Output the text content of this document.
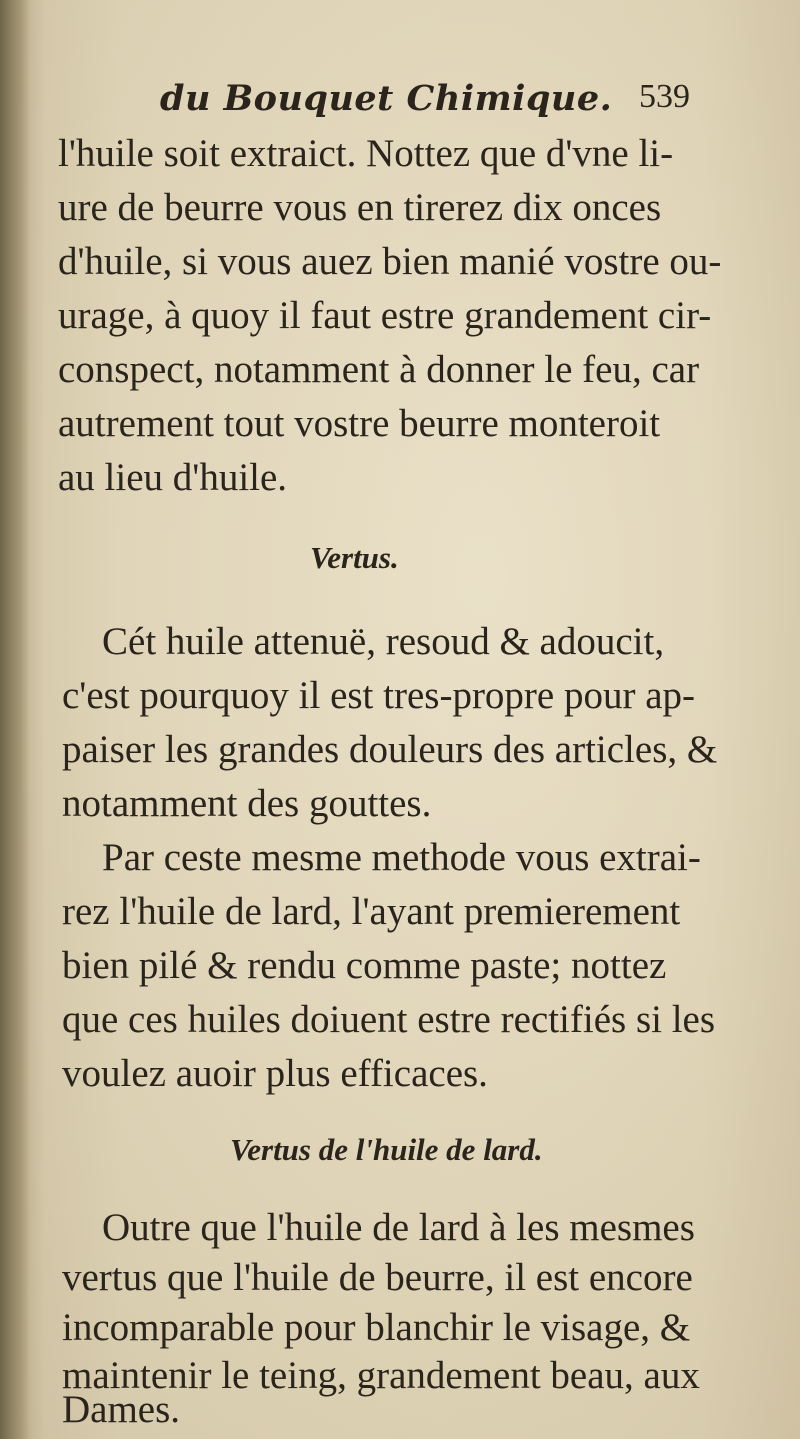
du Bouquet Chimique. 539
l'huile soit extraict. Nottez que d'vne li-
ure de beurre vous en tirerez dix onces
d'huile, si vous auez bien manié vostre ou-
urage, à quoy il faut estre grandement cir-
conspect, notamment à donner le feu, car
autrement tout vostre beurre monteroit
au lieu d'huile.
Vertus.
Cét huile attenuë, resoud & adoucit,
c'est pourquoy il est tres-propre pour ap-
paiser les grandes douleurs des articles, &
notamment des gouttes.
Par ceste mesme methode vous extrai-
rez l'huile de lard, l'ayant premierement
bien pilé & rendu comme paste; nottez
que ces huiles doiuent estre rectifiés si les
voulez auoir plus efficaces.
Vertus de l'huile de lard.
Outre que l'huile de lard à les mesmes
vertus que l'huile de beurre, il est encore
incomparable pour blanchir le visage, &
maintenir le teing, grandement beau, aux
Dames.
